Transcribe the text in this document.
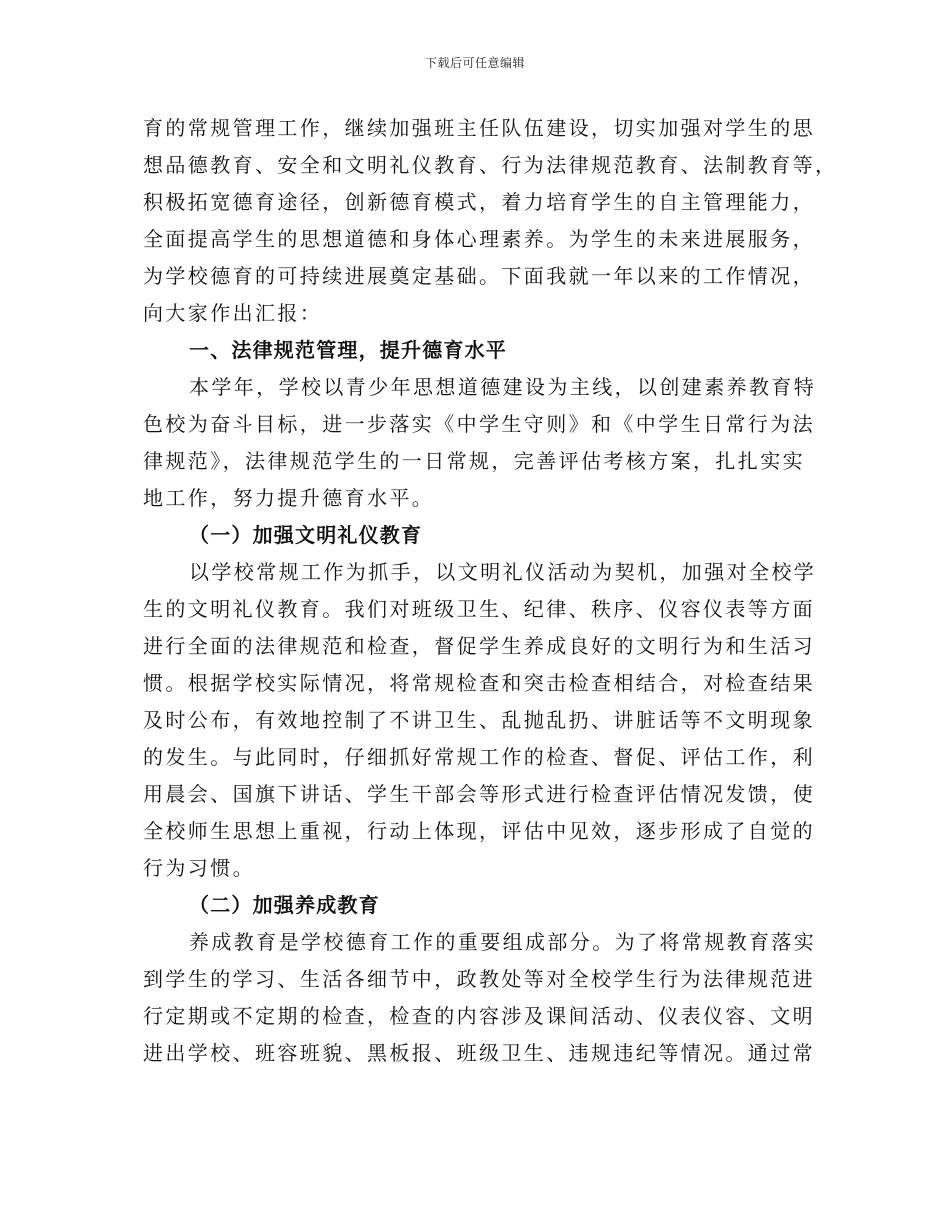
下载后可任意编辑
育的常规管理工作，继续加强班主任队伍建设，切实加强对学生的思
想品德教育、安全和文明礼仪教育、行为法律规范教育、法制教育等，
积极拓宽德育途径，创新德育模式，着力培育学生的自主管理能力，
全面提高学生的思想道德和身体心理素养。为学生的未来进展服务，
为学校德育的可持续进展奠定基础。下面我就一年以来的工作情况，
向大家作出汇报：
一、法律规范管理，提升德育水平
本学年，学校以青少年思想道德建设为主线，以创建素养教育特
色校为奋斗目标，进一步落实《中学生守则》和《中学生日常行为法
律规范》，法律规范学生的一日常规，完善评估考核方案，扎扎实实
地工作，努力提升德育水平。
（一）加强文明礼仪教育
以学校常规工作为抓手，以文明礼仪活动为契机，加强对全校学
生的文明礼仪教育。我们对班级卫生、纪律、秩序、仪容仪表等方面
进行全面的法律规范和检查，督促学生养成良好的文明行为和生活习
惯。根据学校实际情况，将常规检查和突击检查相结合，对检查结果
及时公布，有效地控制了不讲卫生、乱抛乱扔、讲脏话等不文明现象
的发生。与此同时，仔细抓好常规工作的检查、督促、评估工作，利
用晨会、国旗下讲话、学生干部会等形式进行检查评估情况发馈，使
全校师生思想上重视，行动上体现，评估中见效，逐步形成了自觉的
行为习惯。
（二）加强养成教育
养成教育是学校德育工作的重要组成部分。为了将常规教育落实
到学生的学习、生活各细节中，政教处等对全校学生行为法律规范进
行定期或不定期的检查，检查的内容涉及课间活动、仪表仪容、文明
进出学校、班容班貌、黑板报、班级卫生、违规违纪等情况。通过常
